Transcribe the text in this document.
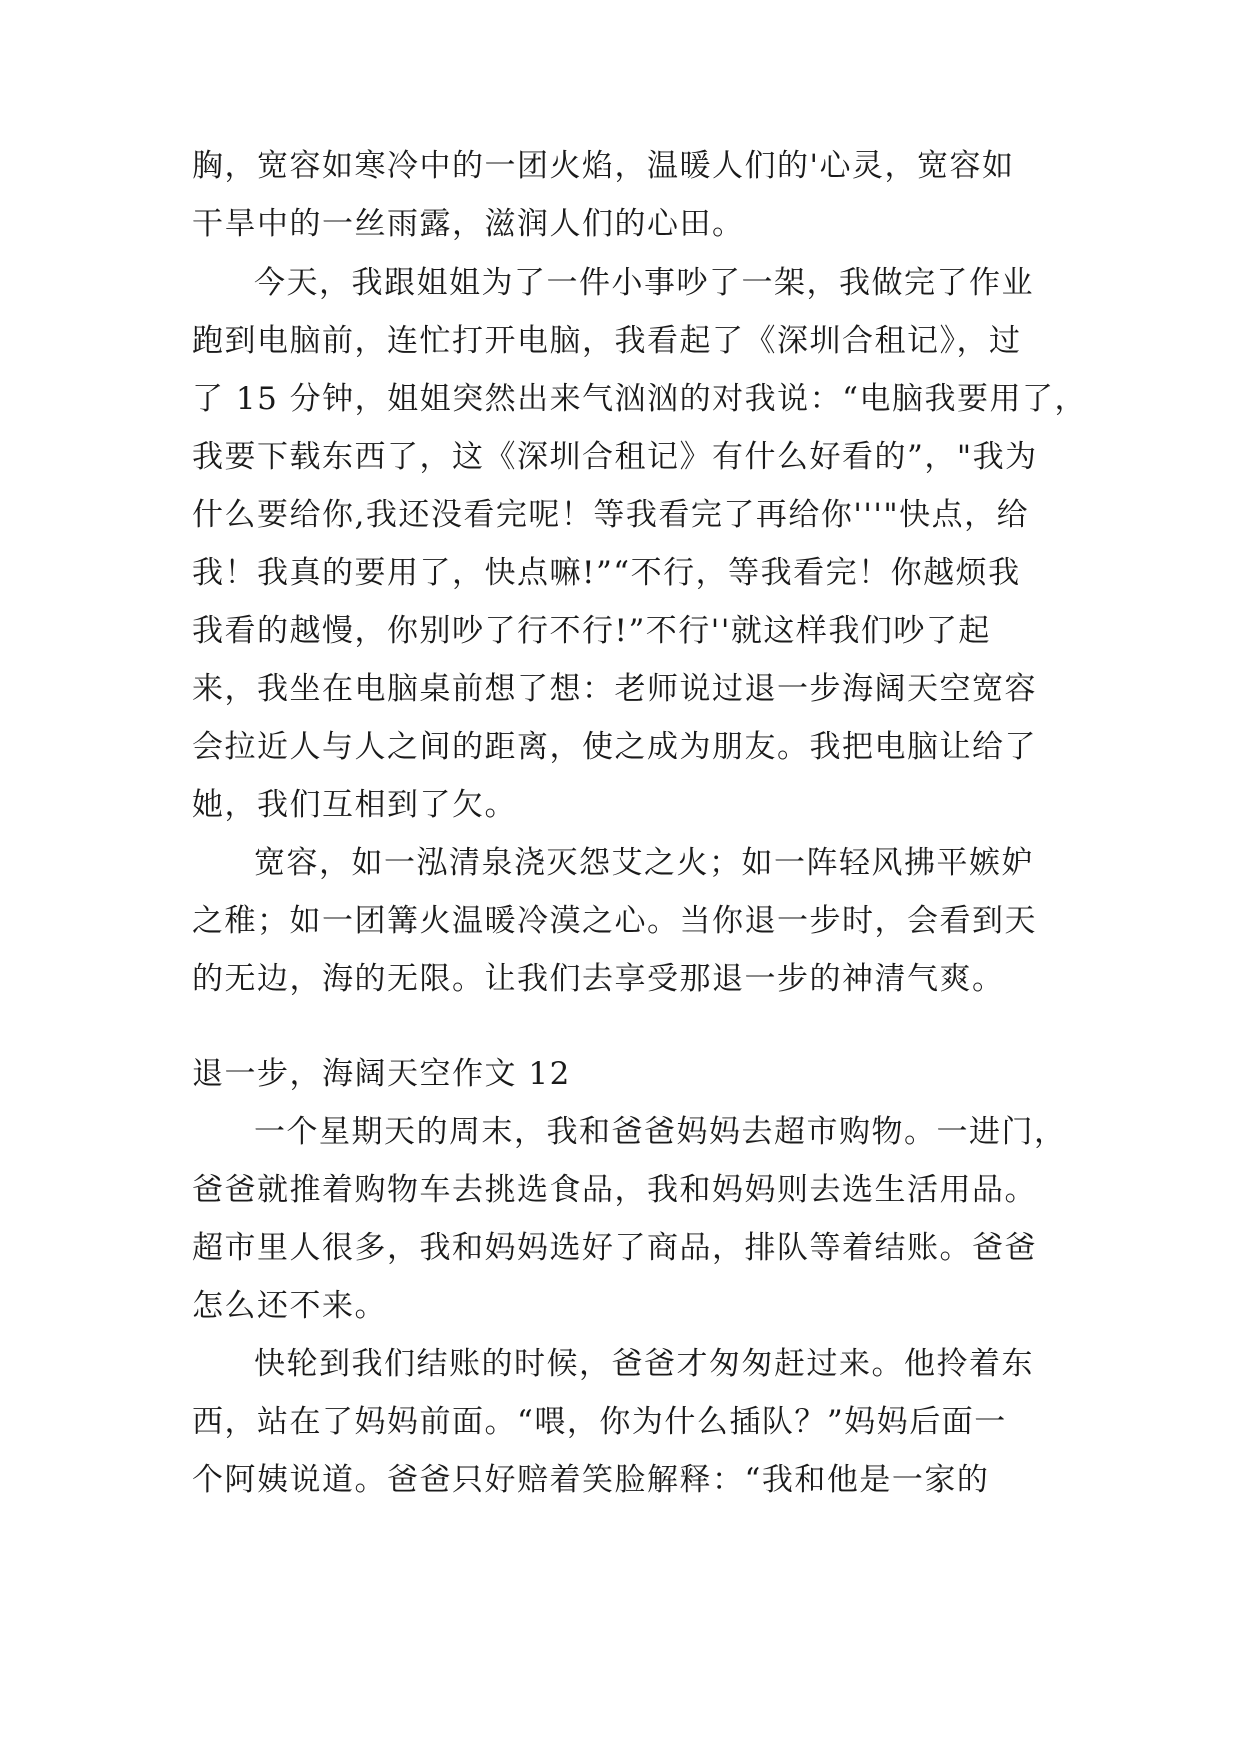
胸，宽容如寒冷中的一团火焰，温暖人们的'心灵，宽容如
干旱中的一丝雨露，滋润人们的心田。
今天，我跟姐姐为了一件小事吵了一架，我做完了作业
跑到电脑前，连忙打开电脑，我看起了《深圳合租记》，过
了 15 分钟，姐姐突然出来气汹汹的对我说：“电脑我要用了，
我要下载东西了，这《深圳合租记》有什么好看的”，"我为
什么要给你,我还没看完呢！等我看完了再给你'''"快点，给
我！我真的要用了，快点嘛!”“不行，等我看完！你越烦我
我看的越慢，你别吵了行不行!”不行''就这样我们吵了起
来，我坐在电脑桌前想了想：老师说过退一步海阔天空宽容
会拉近人与人之间的距离，使之成为朋友。我把电脑让给了
她，我们互相到了欠。
宽容，如一泓清泉浇灭怨艾之火；如一阵轻风拂平嫉妒
之稚；如一团篝火温暖冷漠之心。当你退一步时，会看到天
的无边，海的无限。让我们去享受那退一步的神清气爽。
退一步，海阔天空作文 12
一个星期天的周末，我和爸爸妈妈去超市购物。一进门，
爸爸就推着购物车去挑选食品，我和妈妈则去选生活用品。
超市里人很多，我和妈妈选好了商品，排队等着结账。爸爸
怎么还不来。
快轮到我们结账的时候，爸爸才匆匆赶过来。他拎着东
西，站在了妈妈前面。“喂，你为什么插队？”妈妈后面一
个阿姨说道。爸爸只好赔着笑脸解释：“我和他是一家的
